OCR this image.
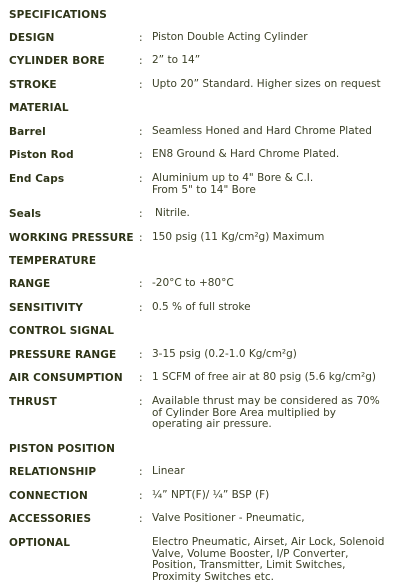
SPECIFICATIONS
DESIGN	: Piston Double Acting Cylinder
CYLINDER BORE	: 2” to 14”
STROKE	: Upto 20” Standard. Higher sizes on request
MATERIAL
Barrel	: Seamless Honed and Hard Chrome Plated
Piston Rod	: EN8 Ground & Hard Chrome Plated.
End Caps	: Aluminium up to 4" Bore & C.I.
From 5" to 14" Bore
Seals	: Nitrile.
WORKING PRESSURE : 150 psig (11 Kg/cm²g) Maximum
TEMPERATURE
RANGE	: -20°C to +80°C
SENSITIVITY	: 0.5 % of full stroke
CONTROL SIGNAL
PRESSURE RANGE : 3-15 psig (0.2-1.0 Kg/cm²g)
AIR CONSUMPTION : 1 SCFM of free air at 80 psig (5.6 kg/cm²g)
THRUST	: Available thrust may be considered as 70%
of Cylinder Bore Area multiplied by
operating air pressure.
PISTON POSITION
RELATIONSHIP	: Linear
CONNECTION	: ¼” NPT(F)/ ¼” BSP (F)
ACCESSORIES	: Valve Positioner - Pneumatic,
OPTIONAL	Electro Pneumatic, Airset, Air Lock, Solenoid
Valve, Volume Booster, I/P Converter,
Position, Transmitter, Limit Switches,
Proximity Switches etc.
